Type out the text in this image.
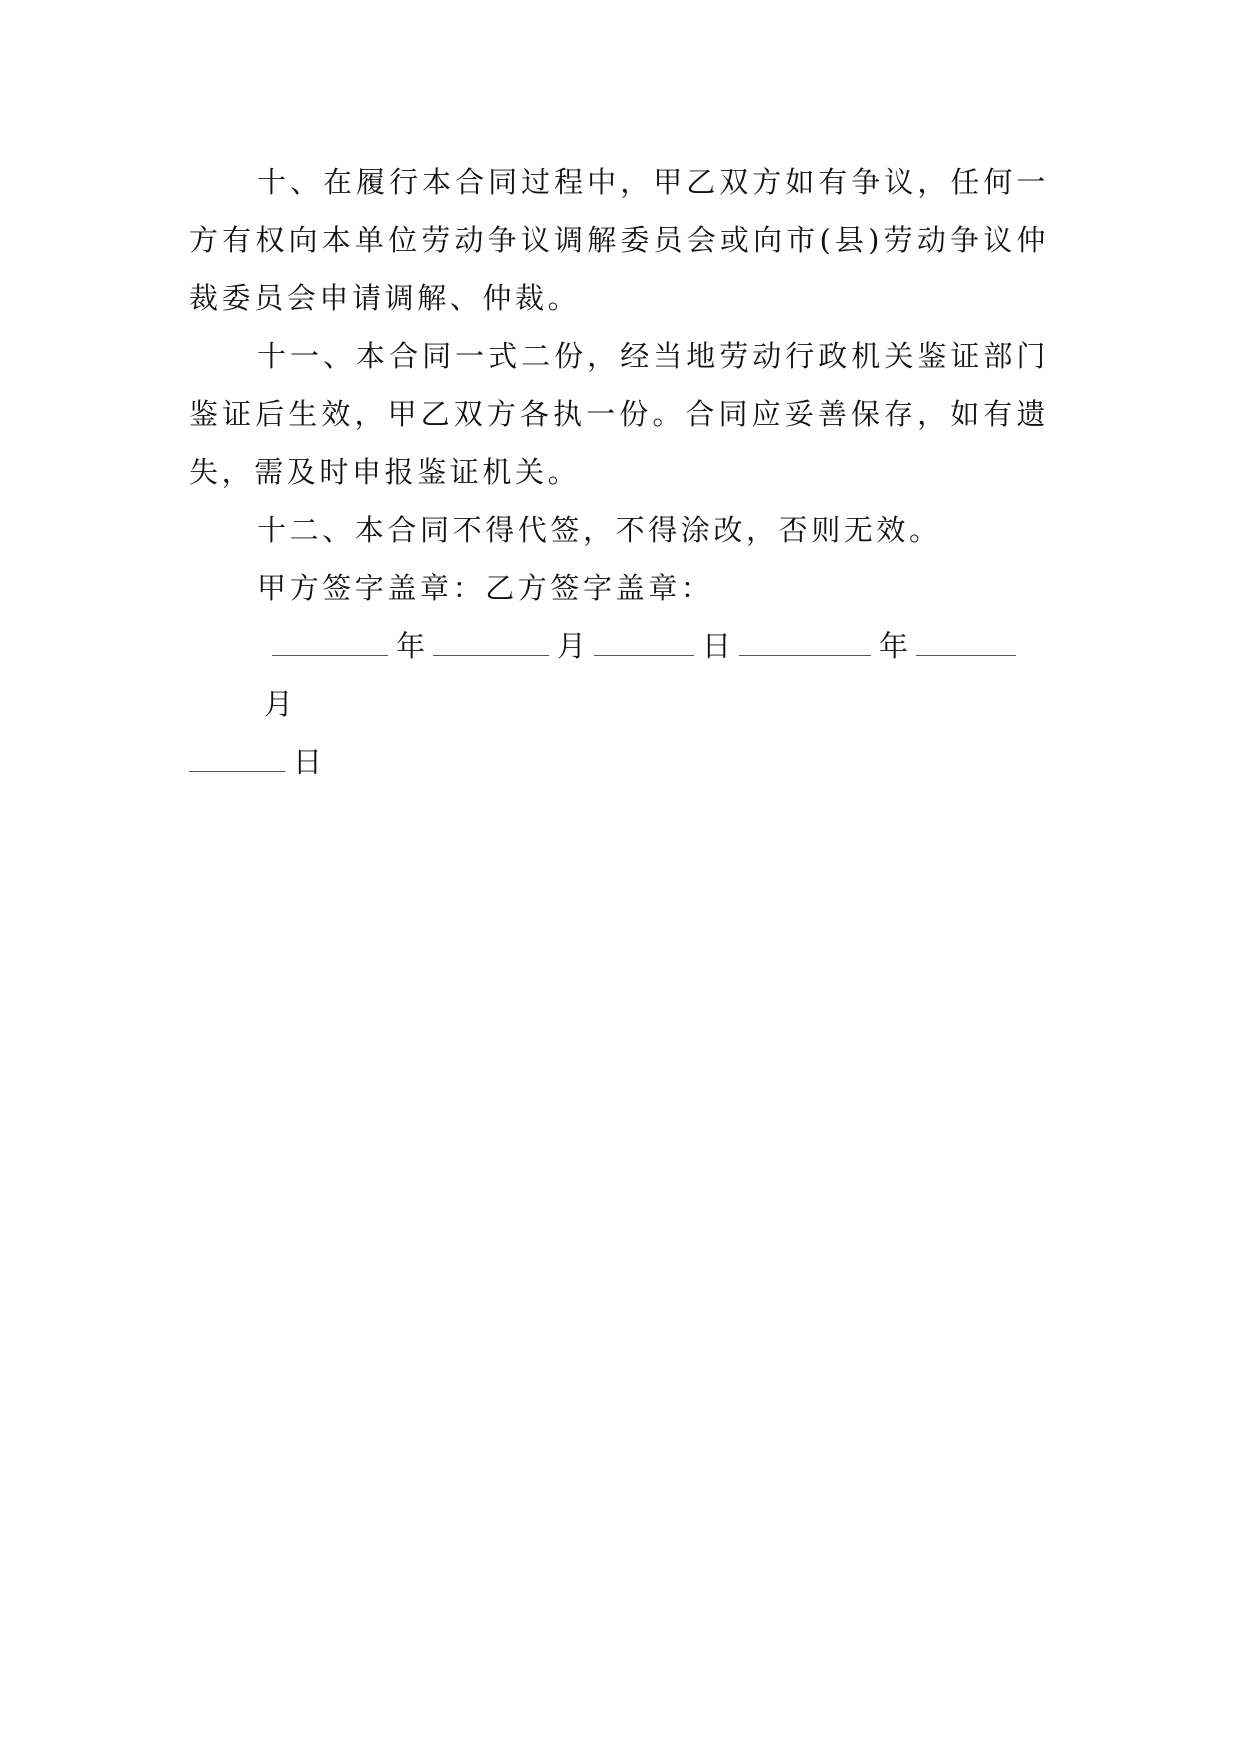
十、在履行本合同过程中，甲乙双方如有争议，任何一方有权向本单位劳动争议调解委员会或向市(县)劳动争议仲裁委员会申请调解、仲裁。

十一、本合同一式二份，经当地劳动行政机关鉴证部门鉴证后生效，甲乙双方各执一份。合同应妥善保存，如有遗失，需及时申报鉴证机关。

十二、本合同不得代签，不得涂改，否则无效。

甲方签字盖章：乙方签字盖章：

年	月	日	年月
日
